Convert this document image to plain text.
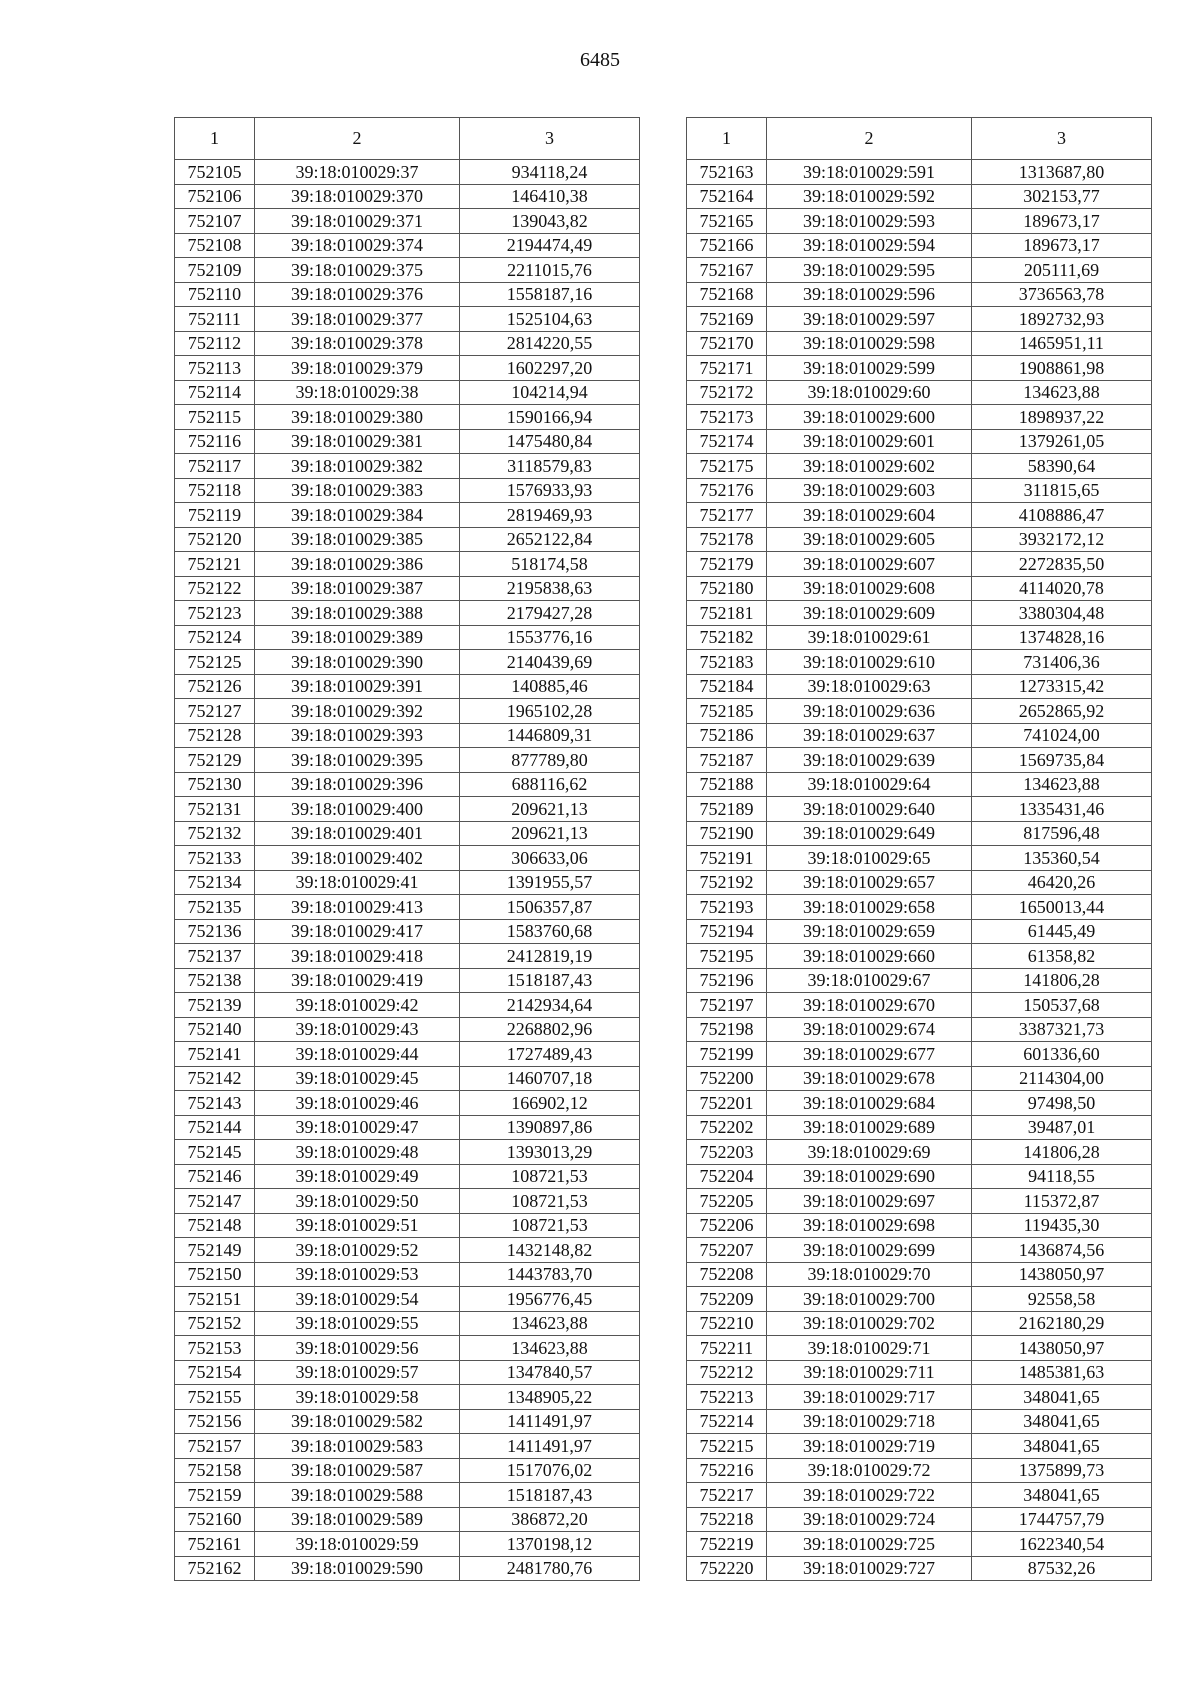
6485
1	2	3
752105	39:18:010029:37	934118,24
752106	39:18:010029:370	146410,38
752107	39:18:010029:371	139043,82
752108	39:18:010029:374	2194474,49
752109	39:18:010029:375	2211015,76
752110	39:18:010029:376	1558187,16
752111	39:18:010029:377	1525104,63
752112	39:18:010029:378	2814220,55
752113	39:18:010029:379	1602297,20
752114	39:18:010029:38	104214,94
752115	39:18:010029:380	1590166,94
752116	39:18:010029:381	1475480,84
752117	39:18:010029:382	3118579,83
752118	39:18:010029:383	1576933,93
752119	39:18:010029:384	2819469,93
752120	39:18:010029:385	2652122,84
752121	39:18:010029:386	518174,58
752122	39:18:010029:387	2195838,63
752123	39:18:010029:388	2179427,28
752124	39:18:010029:389	1553776,16
752125	39:18:010029:390	2140439,69
752126	39:18:010029:391	140885,46
752127	39:18:010029:392	1965102,28
752128	39:18:010029:393	1446809,31
752129	39:18:010029:395	877789,80
752130	39:18:010029:396	688116,62
752131	39:18:010029:400	209621,13
752132	39:18:010029:401	209621,13
752133	39:18:010029:402	306633,06
752134	39:18:010029:41	1391955,57
752135	39:18:010029:413	1506357,87
752136	39:18:010029:417	1583760,68
752137	39:18:010029:418	2412819,19
752138	39:18:010029:419	1518187,43
752139	39:18:010029:42	2142934,64
752140	39:18:010029:43	2268802,96
752141	39:18:010029:44	1727489,43
752142	39:18:010029:45	1460707,18
752143	39:18:010029:46	166902,12
752144	39:18:010029:47	1390897,86
752145	39:18:010029:48	1393013,29
752146	39:18:010029:49	108721,53
752147	39:18:010029:50	108721,53
752148	39:18:010029:51	108721,53
752149	39:18:010029:52	1432148,82
752150	39:18:010029:53	1443783,70
752151	39:18:010029:54	1956776,45
752152	39:18:010029:55	134623,88
752153	39:18:010029:56	134623,88
752154	39:18:010029:57	1347840,57
752155	39:18:010029:58	1348905,22
752156	39:18:010029:582	1411491,97
752157	39:18:010029:583	1411491,97
752158	39:18:010029:587	1517076,02
752159	39:18:010029:588	1518187,43
752160	39:18:010029:589	386872,20
752161	39:18:010029:59	1370198,12
752162	39:18:010029:590	2481780,76
1	2	3
752163	39:18:010029:591	1313687,80
752164	39:18:010029:592	302153,77
752165	39:18:010029:593	189673,17
752166	39:18:010029:594	189673,17
752167	39:18:010029:595	205111,69
752168	39:18:010029:596	3736563,78
752169	39:18:010029:597	1892732,93
752170	39:18:010029:598	1465951,11
752171	39:18:010029:599	1908861,98
752172	39:18:010029:60	134623,88
752173	39:18:010029:600	1898937,22
752174	39:18:010029:601	1379261,05
752175	39:18:010029:602	58390,64
752176	39:18:010029:603	311815,65
752177	39:18:010029:604	4108886,47
752178	39:18:010029:605	3932172,12
752179	39:18:010029:607	2272835,50
752180	39:18:010029:608	4114020,78
752181	39:18:010029:609	3380304,48
752182	39:18:010029:61	1374828,16
752183	39:18:010029:610	731406,36
752184	39:18:010029:63	1273315,42
752185	39:18:010029:636	2652865,92
752186	39:18:010029:637	741024,00
752187	39:18:010029:639	1569735,84
752188	39:18:010029:64	134623,88
752189	39:18:010029:640	1335431,46
752190	39:18:010029:649	817596,48
752191	39:18:010029:65	135360,54
752192	39:18:010029:657	46420,26
752193	39:18:010029:658	1650013,44
752194	39:18:010029:659	61445,49
752195	39:18:010029:660	61358,82
752196	39:18:010029:67	141806,28
752197	39:18:010029:670	150537,68
752198	39:18:010029:674	3387321,73
752199	39:18:010029:677	601336,60
752200	39:18:010029:678	2114304,00
752201	39:18:010029:684	97498,50
752202	39:18:010029:689	39487,01
752203	39:18:010029:69	141806,28
752204	39:18:010029:690	94118,55
752205	39:18:010029:697	115372,87
752206	39:18:010029:698	119435,30
752207	39:18:010029:699	1436874,56
752208	39:18:010029:70	1438050,97
752209	39:18:010029:700	92558,58
752210	39:18:010029:702	2162180,29
752211	39:18:010029:71	1438050,97
752212	39:18:010029:711	1485381,63
752213	39:18:010029:717	348041,65
752214	39:18:010029:718	348041,65
752215	39:18:010029:719	348041,65
752216	39:18:010029:72	1375899,73
752217	39:18:010029:722	348041,65
752218	39:18:010029:724	1744757,79
752219	39:18:010029:725	1622340,54
752220	39:18:010029:727	87532,26
